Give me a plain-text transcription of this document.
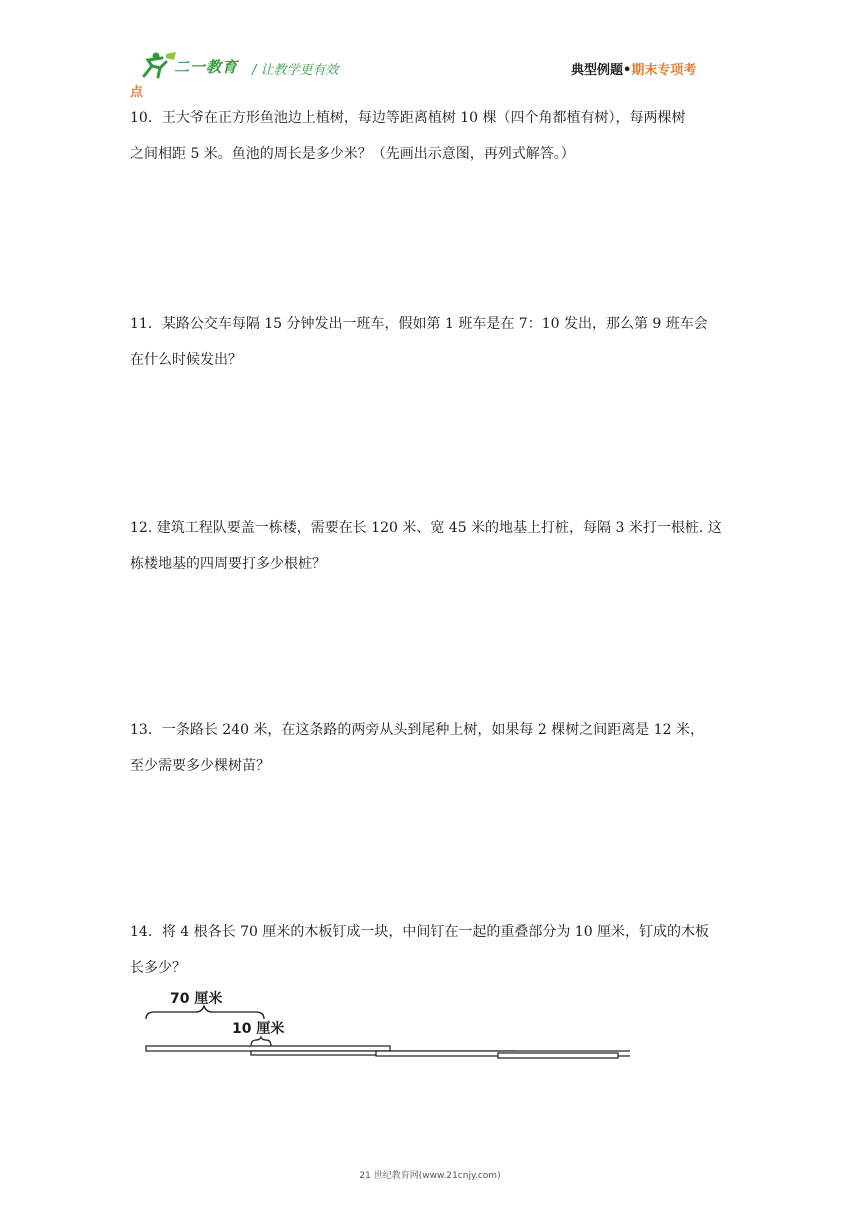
二一教育 / 让教学更有效	典型例题•期末专项考
点
10．王大爷在正方形鱼池边上植树，每边等距离植树 10 棵（四个角都植有树），每两棵树
之间相距 5 米。鱼池的周长是多少米？（先画出示意图，再列式解答。）
11．某路公交车每隔 15 分钟发出一班车，假如第 1 班车是在 7：10 发出，那么第 9 班车会
在什么时候发出？
12. 建筑工程队要盖一栋楼，需要在长 120 米、宽 45 米的地基上打桩，每隔 3 米打一根桩. 这
栋楼地基的四周要打多少根桩？
13．一条路长 240 米，在这条路的两旁从头到尾种上树，如果每 2 棵树之间距离是 12 米，
至少需要多少棵树苗？
14．将 4 根各长 70 厘米的木板钉成一块，中间钉在一起的重叠部分为 10 厘米，钉成的木板
长多少？
70 厘米
10 厘米
21 世纪教育网(www.21cnjy.com)
